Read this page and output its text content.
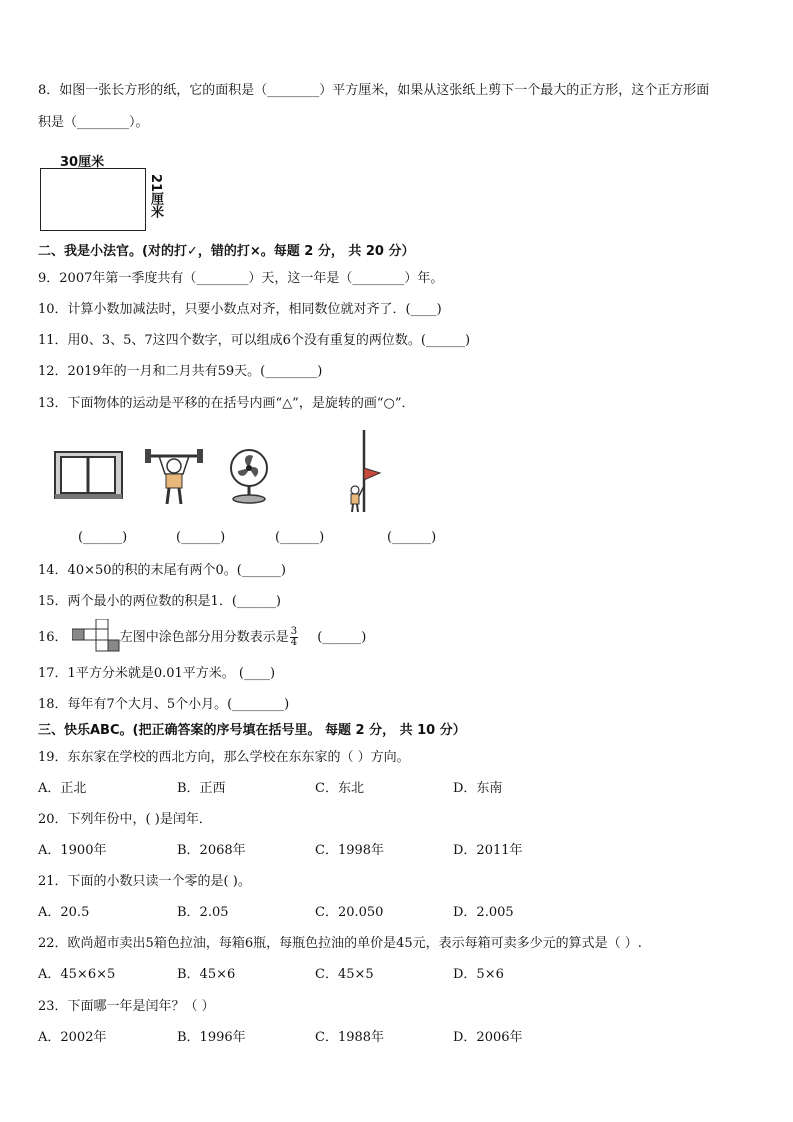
8．如图一张长方形的纸，它的面积是（________）平方厘米，如果从这张纸上剪下一个最大的正方形，这个正方形面
积是（________）。
30厘米
21厘米
二、我是小法官。(对的打✓，错的打×。每题 2 分， 共 20 分）
9．2007年第一季度共有（________）天，这一年是（________）年。
10．计算小数加减法时，只要小数点对齐，相同数位就对齐了．(____)
11．用0、3、5、7这四个数字，可以组成6个没有重复的两位数。(______)
12．2019年的一月和二月共有59天。(________)
13．下面物体的运动是平移的在括号内画“△”，是旋转的画“○”．
(______)	(______)	(______)	(______)
14．40×50的积的末尾有两个0。(______)
15．两个最小的两位数的积是1．(______)
16．	左图中涂色部分用分数表示是 $\frac{3}{4}$ (______)
17．1平方分米就是0.01平方米。 (____)
18．每年有7个大月、5个小月。(________)
三、快乐ABC。(把正确答案的序号填在括号里。 每题 2 分， 共 10 分）
19．东东家在学校的西北方向，那么学校在东东家的（ ）方向。
A．正北	B．正西	C．东北	D．东南
20．下列年份中，( )是闰年．
A．1900年	B．2068年	C．1998年	D．2011年
21．下面的小数只读一个零的是( )。
A．20.5	B．2.05	C．20.050	D．2.005
22．欧尚超市卖出5箱色拉油，每箱6瓶，每瓶色拉油的单价是45元，表示每箱可卖多少元的算式是（ ）.
A．45×6×5	B．45×6	C．45×5	D．5×6
23．下面哪一年是闰年？（ ）
A．2002年	B．1996年	C．1988年	D．2006年
